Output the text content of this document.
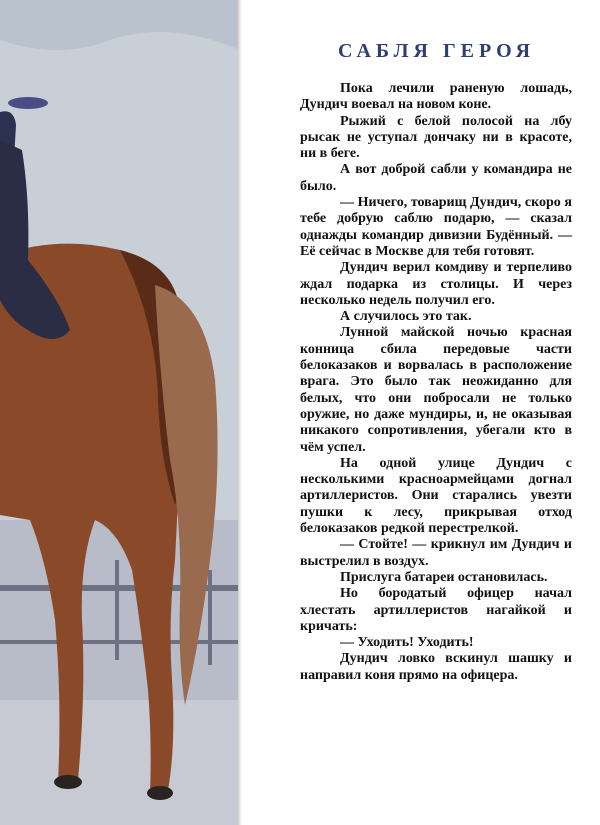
САБЛЯ ГЕРОЯ

Пока лечили раненую лошадь, Дундич воевал на новом коне.

Рыжий с белой полосой на лбу рысак не уступал дончаку ни в красоте, ни в беге.

А вот доброй сабли у командира не было.

— Ничего, товарищ Дундич, скоро я тебе добрую саблю подарю, — сказал однажды командир дивизии Будённый. — Её сейчас в Москве для тебя готовят.

Дундич верил комдиву и терпеливо ждал подарка из столицы. И через несколько недель получил его.

А случилось это так.

Лунной майской ночью красная конница сбила передовые части белоказаков и ворвалась в расположение врага. Это было так неожиданно для белых, что они побросали не только оружие, но даже мундиры, и, не оказывая никакого сопротивления, убегали кто в чём успел.

На одной улице Дундич с несколькими красноармейцами догнал артиллеристов. Они старались увезти пушки к лесу, прикрывая отход белоказаков редкой перестрелкой.

— Стойте! — крикнул им Дундич и выстрелил в воздух.

Прислуга батареи остановилась.

Но бородатый офицер начал хлестать артиллеристов нагайкой и кричать:

— Уходить! Уходить!

Дундич ловко вскинул шашку и направил коня прямо на офицера.
